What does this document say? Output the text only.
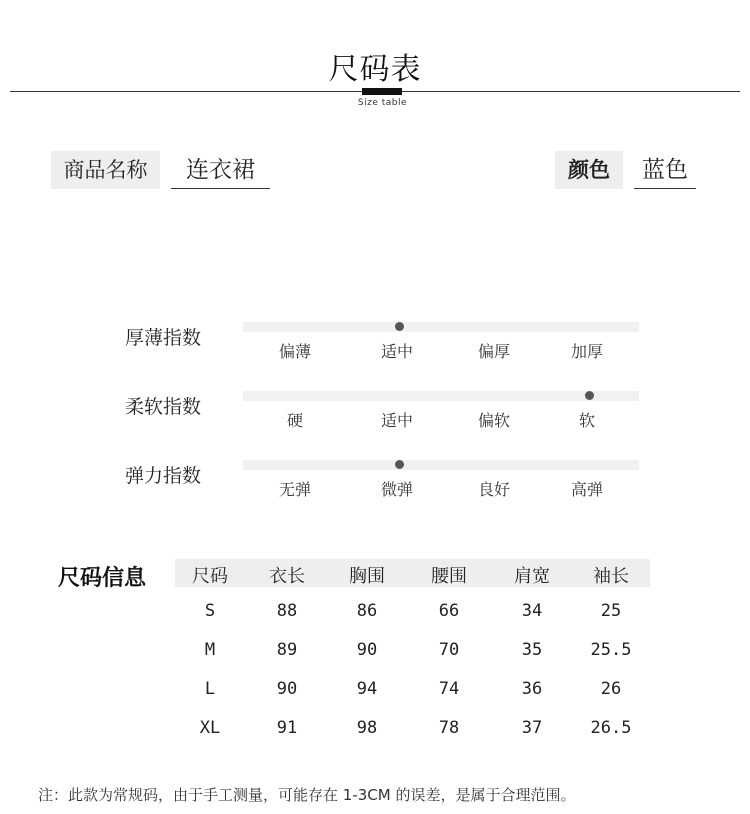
尺码表
Size table
商品名称	连衣裙	颜色	蓝色
厚薄指数
偏薄	适中	偏厚	加厚
柔软指数
硬	适中	偏软	软
弹力指数
无弹	微弹	良好	高弹
尺码信息	尺码	衣长	胸围	腰围	肩宽	袖长
S	88	86	66	34	25
M	89	90	70	35	25.5
L	90	94	74	36	26
XL	91	98	78	37	26.5
注：此款为常规码，由于手工测量，可能存在 1-3CM 的误差，是属于合理范围。
